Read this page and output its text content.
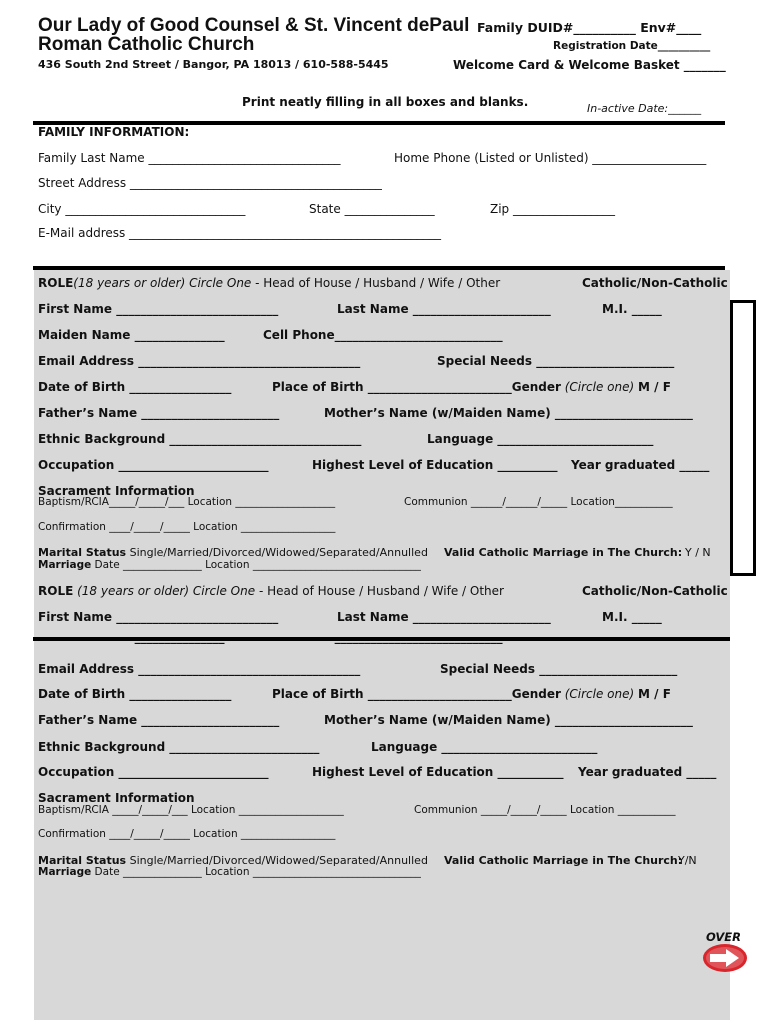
Our Lady of Good Counsel & St. Vincent dePaul
Roman Catholic Church
436 South 2nd Street / Bangor, PA 18013 / 610-588-5445
Family DUID#__________ Env#____
Registration Date__________
Welcome Card & Welcome Basket _______
Print neatly filling in all boxes and blanks.	In-active Date:______
FAMILY INFORMATION:
Family Last Name ________________________________	Home Phone (Listed or Unlisted) ___________________
Street Address __________________________________________
City ______________________________	State _______________	Zip _________________
E-Mail address ____________________________________________________
ROLE(18 years or older) Circle One - Head of House / Husband / Wife / Other	Catholic/Non-Catholic
First Name ___________________________	Last Name _______________________	M.I. _____
Maiden Name _______________	Cell Phone____________________________
Email Address _____________________________________	Special Needs _______________________
Date of Birth _________________	Place of Birth ________________________Gender (Circle one) M / F
Father’s Name _______________________	Mother’s Name (w/Maiden Name) _______________________
Ethnic Background ________________________________	Language __________________________
Occupation _________________________	Highest Level of Education __________ Year graduated _____
Sacrament Information
Baptism/RCIA_____/_____/___ Location ___________________	Communion ______/______/_____ Location___________
Confirmation ____/_____/_____ Location __________________
Marital Status Single/Married/Divorced/Widowed/Separated/Annulled Valid Catholic Marriage in The Church: Y / N
Marriage Date _______________ Location ________________________________
ROLE (18 years or older) Circle One - Head of House / Husband / Wife / Other	Catholic/Non-Catholic
First Name ___________________________	Last Name _______________________	M.I. _____
Email Address _____________________________________	Special Needs _______________________
Date of Birth _________________	Place of Birth ________________________Gender (Circle one) M / F
Father’s Name _______________________	Mother’s Name (w/Maiden Name) _______________________
Ethnic Background _________________________	Language __________________________
Occupation _________________________	Highest Level of Education ___________ Year graduated _____
Sacrament Information
Baptism/RCIA _____/_____/___ Location ____________________	Communion _____/_____/_____ Location ___________
Confirmation ____/_____/_____ Location __________________
Marital Status Single/Married/Divorced/Widowed/Separated/Annulled Valid Catholic Marriage in The Church:
Y/N
Marriage Date _______________ Location ________________________________
OVER
